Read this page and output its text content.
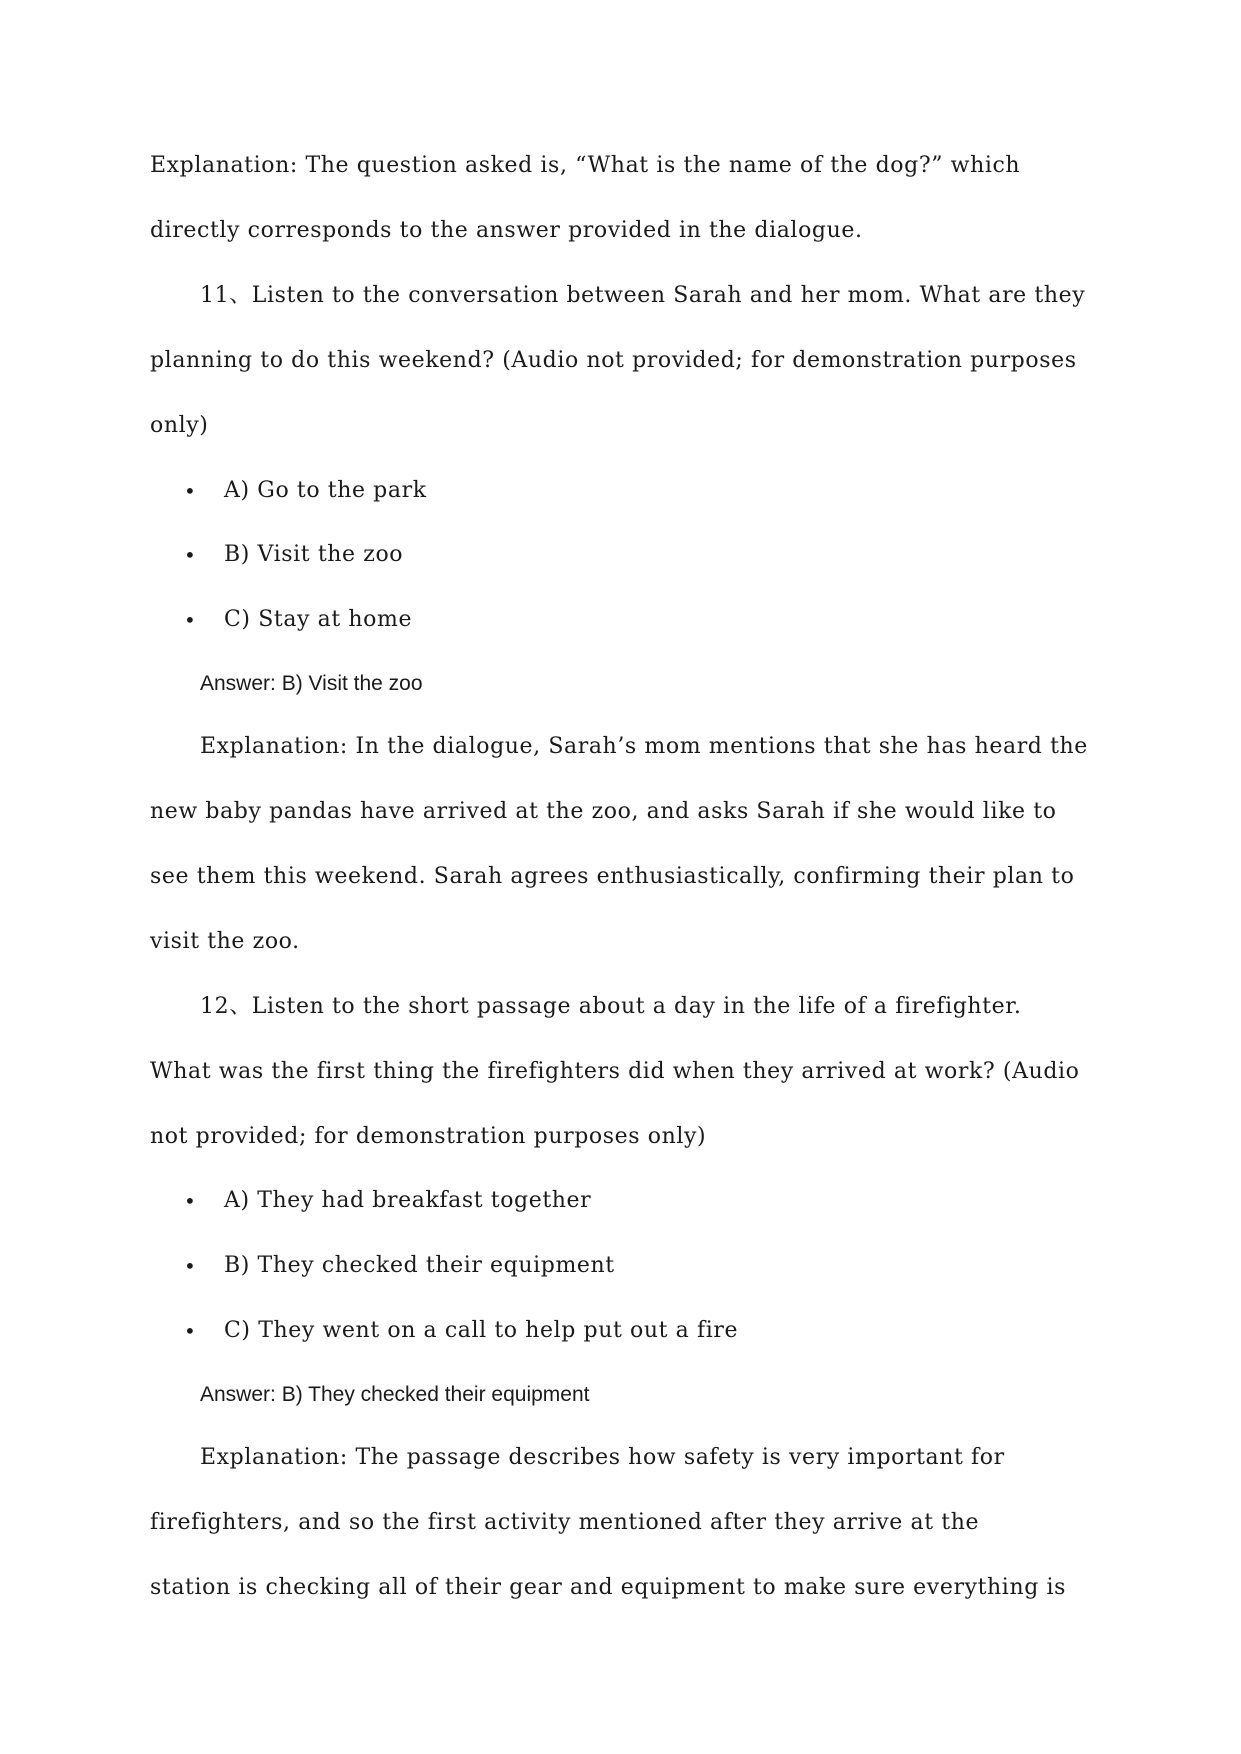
Explanation: The question asked is, “What is the name of the dog?” which
directly corresponds to the answer provided in the dialogue.
11、Listen to the conversation between Sarah and her mom. What are they
planning to do this weekend? (Audio not provided; for demonstration purposes
only)
• A) Go to the park
• B) Visit the zoo
• C) Stay at home
Answer: B) Visit the zoo
Explanation: In the dialogue, Sarah’s mom mentions that she has heard the
new baby pandas have arrived at the zoo, and asks Sarah if she would like to
see them this weekend. Sarah agrees enthusiastically, confirming their plan to
visit the zoo.
12、Listen to the short passage about a day in the life of a firefighter.
What was the first thing the firefighters did when they arrived at work? (Audio
not provided; for demonstration purposes only)
• A) They had breakfast together
• B) They checked their equipment
• C) They went on a call to help put out a fire
Answer: B) They checked their equipment
Explanation: The passage describes how safety is very important for
firefighters, and so the first activity mentioned after they arrive at the
station is checking all of their gear and equipment to make sure everything is
